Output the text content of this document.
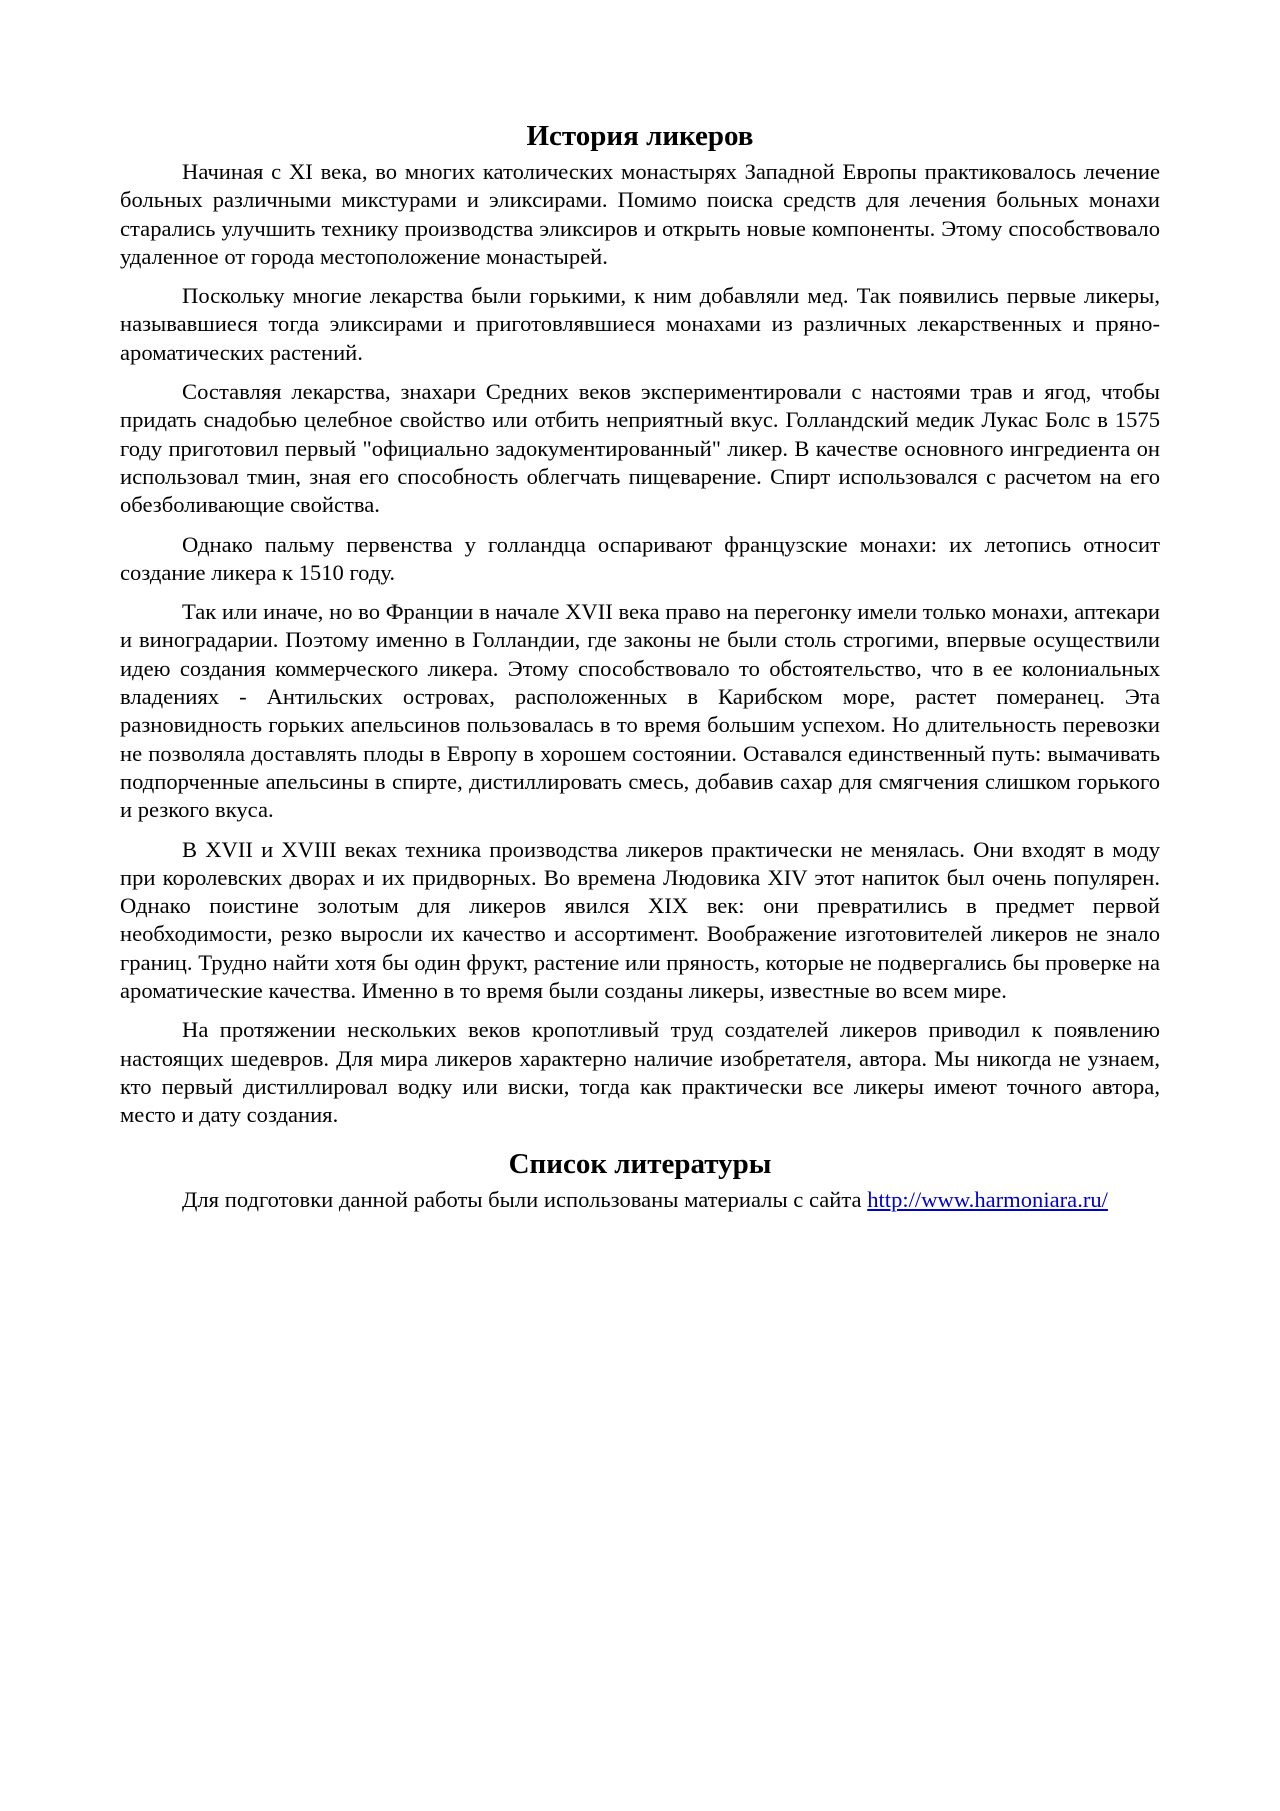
История ликеров

Начиная с XI века, во многих католических монастырях Западной Европы практиковалось лечение больных различными микстурами и эликсирами. Помимо поиска средств для лечения больных монахи старались улучшить технику производства эликсиров и открыть новые компоненты. Этому способствовало удаленное от города местоположение монастырей.

Поскольку многие лекарства были горькими, к ним добавляли мед. Так появились первые ликеры, называвшиеся тогда эликсирами и приготовлявшиеся монахами из различных лекарственных и пряно-ароматических растений.

Составляя лекарства, знахари Средних веков экспериментировали с настоями трав и ягод, чтобы придать снадобью целебное свойство или отбить неприятный вкус. Голландский медик Лукас Болс в 1575 году приготовил первый "официально задокументированный" ликер. В качестве основного ингредиента он использовал тмин, зная его способность облегчать пищеварение. Спирт использовался с расчетом на его обезболивающие свойства.

Однако пальму первенства у голландца оспаривают французские монахи: их летопись относит создание ликера к 1510 году.

Так или иначе, но во Франции в начале XVII века право на перегонку имели только монахи, аптекари и виноградарии. Поэтому именно в Голландии, где законы не были столь строгими, впервые осуществили идею создания коммерческого ликера. Этому способствовало то обстоятельство, что в ее колониальных владениях - Антильских островах, расположенных в Карибском море, растет померанец. Эта разновидность горьких апельсинов пользовалась в то время большим успехом. Но длительность перевозки не позволяла доставлять плоды в Европу в хорошем состоянии. Оставался единственный путь: вымачивать подпорченные апельсины в спирте, дистиллировать смесь, добавив сахар для смягчения слишком горького и резкого вкуса.

В XVII и XVIII веках техника производства ликеров практически не менялась. Они входят в моду при королевских дворах и их придворных. Во времена Людовика XIV этот напиток был очень популярен. Однако поистине золотым для ликеров явился XIX век: они превратились в предмет первой необходимости, резко выросли их качество и ассортимент. Воображение изготовителей ликеров не знало границ. Трудно найти хотя бы один фрукт, растение или пряность, которые не подвергались бы проверке на ароматические качества. Именно в то время были созданы ликеры, известные во всем мире.

На протяжении нескольких веков кропотливый труд создателей ликеров приводил к появлению настоящих шедевров. Для мира ликеров характерно наличие изобретателя, автора. Мы никогда не узнаем, кто первый дистиллировал водку или виски, тогда как практически все ликеры имеют точного автора, место и дату создания.

Список литературы

Для подготовки данной работы были использованы материалы с сайта http://www.harmoniara.ru/
